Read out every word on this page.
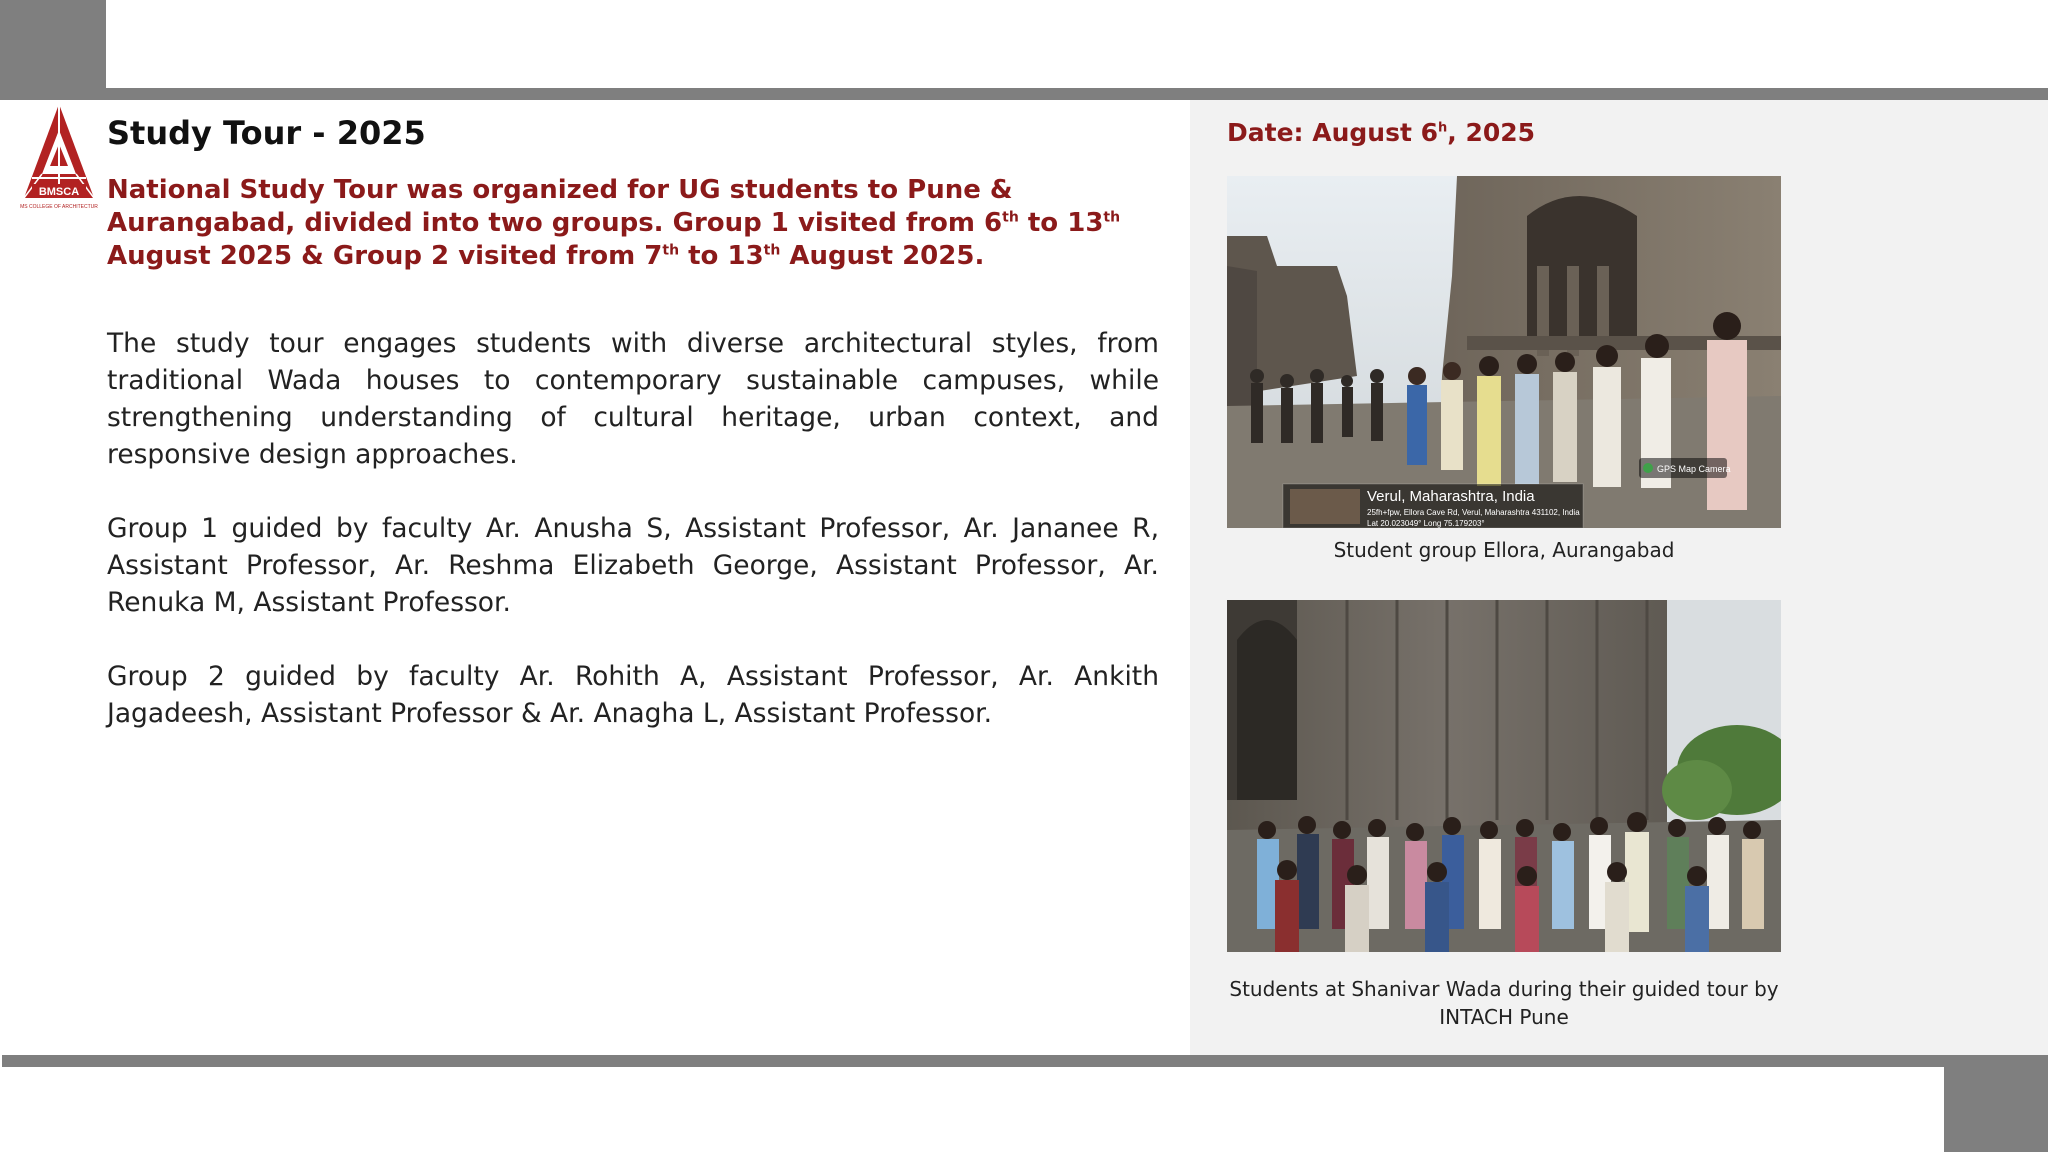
BMSCA
BMS COLLEGE OF ARCHITECTURE
Study Tour - 2025

National Study Tour was organized for UG students to Pune & Aurangabad, divided into two groups. Group 1 visited from 6th to 13th August 2025 & Group 2 visited from 7th to 13th August 2025.

The study tour engages students with diverse architectural styles, from traditional Wada houses to contemporary sustainable campuses, while strengthening understanding of cultural heritage, urban context, and responsive design approaches.

Group 1 guided by faculty Ar. Anusha S, Assistant Professor, Ar. Jananee R, Assistant Professor, Ar. Reshma Elizabeth George, Assistant Professor, Ar. Renuka M, Assistant Professor.

Group 2 guided by faculty Ar. Rohith A, Assistant Professor, Ar. Ankith Jagadeesh, Assistant Professor & Ar. Anagha L, Assistant Professor.

Date: August 6$^h$, 2025

Verul, Maharashtra, India
25fh+fpw, Ellora Cave Rd, Verul, Maharashtra 431102, India
Lat 20.023049° Long 75.179203°
GPS Map Camera

Student group Ellora, Aurangabad

Students at Shanivar Wada during their guided tour by INTACH Pune
